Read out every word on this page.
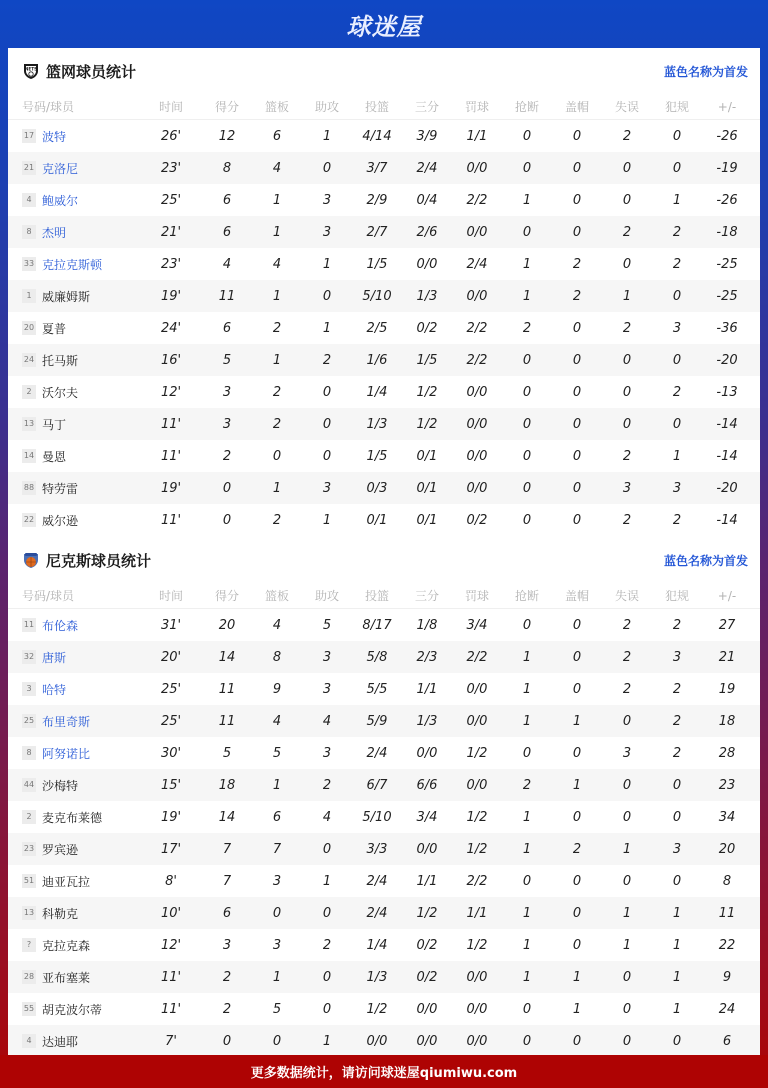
球迷屋
NETS 篮网球员统计	蓝色名称为首发
号码/球员	时间	得分	篮板	助攻	投篮	三分	罚球	抢断	盖帽	失误	犯规	+/-
17 波特	26'	12	6	1	4/14	3/9	1/1	0	0	2	0	-26
21 克洛尼	23'	8	4	0	3/7	2/4	0/0	0	0	0	0	-19
4 鲍威尔	25'	6	1	3	2/9	0/4	2/2	1	0	0	1	-26
8 杰明	21'	6	1	3	2/7	2/6	0/0	0	0	2	2	-18
33 克拉克斯顿	23'	4	4	1	1/5	0/0	2/4	1	2	0	2	-25
1 威廉姆斯	19'	11	1	0	5/10	1/3	0/0	1	2	1	0	-25
20 夏普	24'	6	2	1	2/5	0/2	2/2	2	0	2	3	-36
24 托马斯	16'	5	1	2	1/6	1/5	2/2	0	0	0	0	-20
2 沃尔夫	12'	3	2	0	1/4	1/2	0/0	0	0	0	2	-13
13 马丁	11'	3	2	0	1/3	1/2	0/0	0	0	0	0	-14
14 曼恩	11'	2	0	0	1/5	0/1	0/0	0	0	2	1	-14
88 特劳雷	19'	0	1	3	0/3	0/1	0/0	0	0	3	3	-20
22 威尔逊	11'	0	2	1	0/1	0/1	0/2	0	0	2	2	-14
尼克斯球员统计	蓝色名称为首发
号码/球员	时间	得分	篮板	助攻	投篮	三分	罚球	抢断	盖帽	失误	犯规	+/-
11 布伦森	31'	20	4	5	8/17	1/8	3/4	0	0	2	2	27
32 唐斯	20'	14	8	3	5/8	2/3	2/2	1	0	2	3	21
3 哈特	25'	11	9	3	5/5	1/1	0/0	1	0	2	2	19
25 布里奇斯	25'	11	4	4	5/9	1/3	0/0	1	1	0	2	18
8 阿努诺比	30'	5	5	3	2/4	0/0	1/2	0	0	3	2	28
44 沙梅特	15'	18	1	2	6/7	6/6	0/0	2	1	0	0	23
2 麦克布莱德	19'	14	6	4	5/10	3/4	1/2	1	0	0	0	34
23 罗宾逊	17'	7	7	0	3/3	0/0	1/2	1	2	1	3	20
51 迪亚瓦拉	8'	7	3	1	2/4	1/1	2/2	0	0	0	0	8
13 科勒克	10'	6	0	0	2/4	1/2	1/1	1	0	1	1	11
? 克拉克森	12'	3	3	2	1/4	0/2	1/2	1	0	1	1	22
28 亚布塞莱	11'	2	1	0	1/3	0/2	0/0	1	1	0	1	9
55 胡克波尔蒂	11'	2	5	0	1/2	0/0	0/0	0	1	0	1	24
4 达迪耶	7'	0	0	1	0/0	0/0	0/0	0	0	0	0	6
更多数据统计，请访问球迷屋qiumiwu.com
